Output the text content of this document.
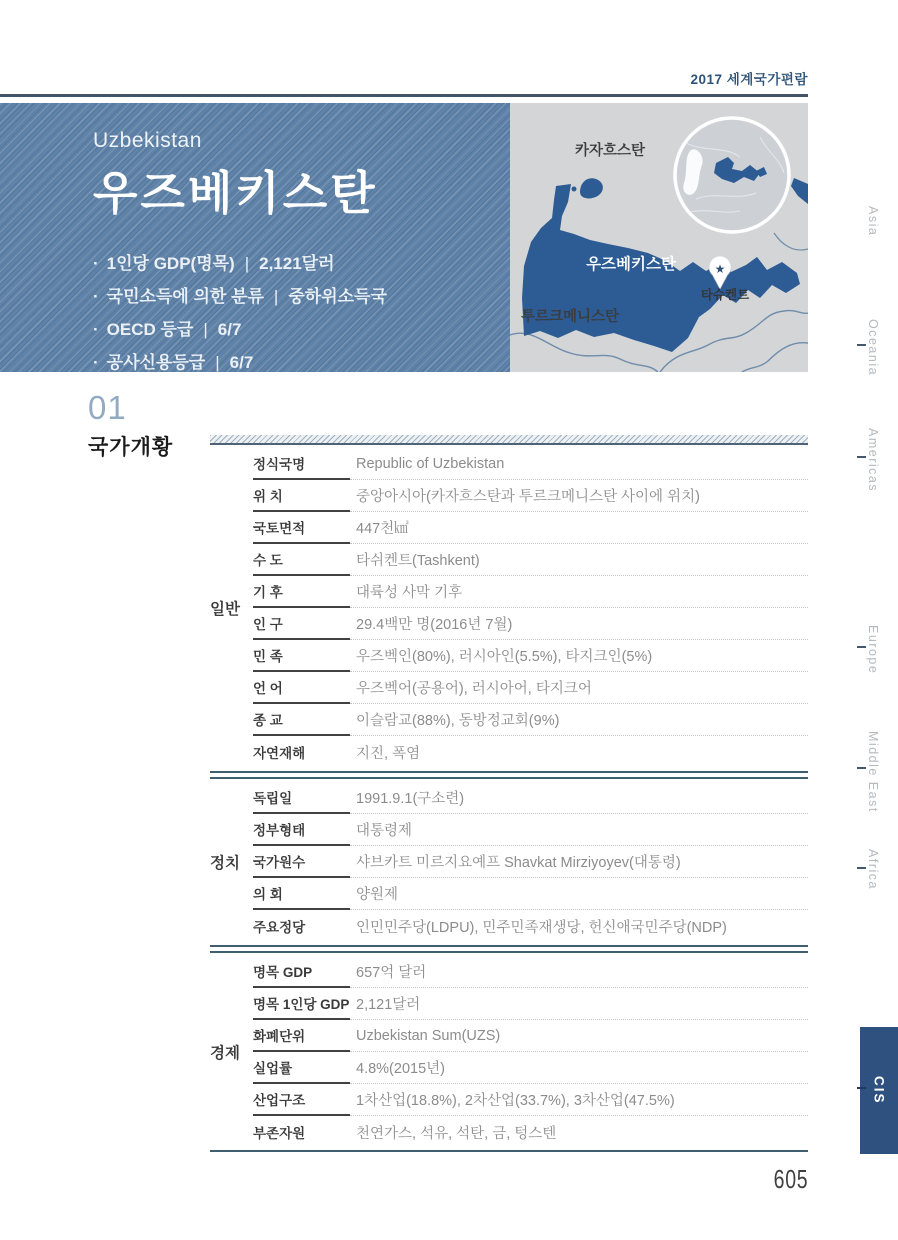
2017 세계국가편람
Uzbekistan
우즈베키스탄
· 1인당 GDP(명목) | 2,121달러
· 국민소득에 의한 분류 | 중하위소득국
· OECD 등급 | 6/7
· 공사신용등급 | 6/7
카자흐스탄
우즈베키스탄
투르크메니스탄
★
타슈켄트
Asia
Oceania
Americas
Europe
Middle East
Africa
CIS
01
국가개황
일반
정식국명	Republic of Uzbekistan
위 치	중앙아시아(카자흐스탄과 투르크메니스탄 사이에 위치)
국토면적	447천㎢
수 도	타쉬켄트(Tashkent)
기 후	대륙성 사막 기후
인 구	29.4백만 명(2016년 7월)
민 족	우즈벡인(80%), 러시아인(5.5%), 타지크인(5%)
언 어	우즈벡어(공용어), 러시아어, 타지크어
종 교	이슬람교(88%), 동방정교회(9%)
자연재해	지진, 폭염
정치
독립일	1991.9.1(구소련)
정부형태	대통령제
국가원수	샤브카트 미르지요예프 Shavkat Mirziyoyev(대통령)
의 회	양원제
주요정당	인민민주당(LDPU), 민주민족재생당, 헌신애국민주당(NDP)
경제
명목 GDP	657억 달러
명목 1인당 GDP 2,121달러
화폐단위	Uzbekistan Sum(UZS)
실업률	4.8%(2015년)
산업구조	1차산업(18.8%), 2차산업(33.7%), 3차산업(47.5%)
부존자원	천연가스, 석유, 석탄, 금, 텅스텐
605
